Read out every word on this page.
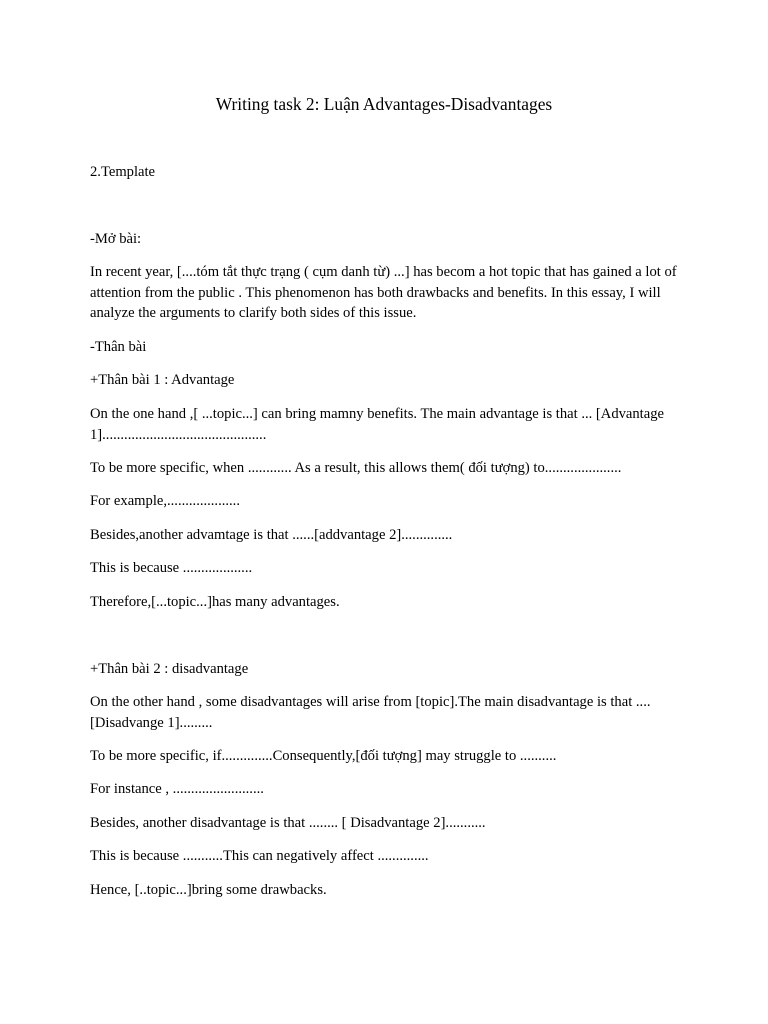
Writing task 2: Luận Advantages-Disadvantages

2.Template

-Mở bài:

In recent year, [....tóm tắt thực trạng ( cụm danh từ) ...] has becom a hot topic that has gained a lot of attention from the public . This phenomenon has both drawbacks and benefits. In this essay, I will analyze the arguments to clarify both sides of this issue.

-Thân bài

+Thân bài 1 : Advantage

On the one hand ,[ ...topic...] can bring mamny benefits. The main advantage is that ... [Advantage 1].............................................

To be more specific, when ............ As a result, this allows them( đối tượng) to.....................

For example,....................

Besides,another advamtage is that ......[addvantage 2]..............

This is because ...................

Therefore,[...topic...]has many advantages.

+Thân bài 2 : disadvantage

On the other hand , some disadvantages will arise from [topic].The main disadvantage is that .... [Disadvange 1].........

To be more specific, if..............Consequently,[đối tượng] may struggle to ..........

For instance , .........................

Besides, another disadvantage is that ........ [ Disadvantage 2]...........

This is because ...........This can negatively affect ..............

Hence, [..topic...]bring some drawbacks.
